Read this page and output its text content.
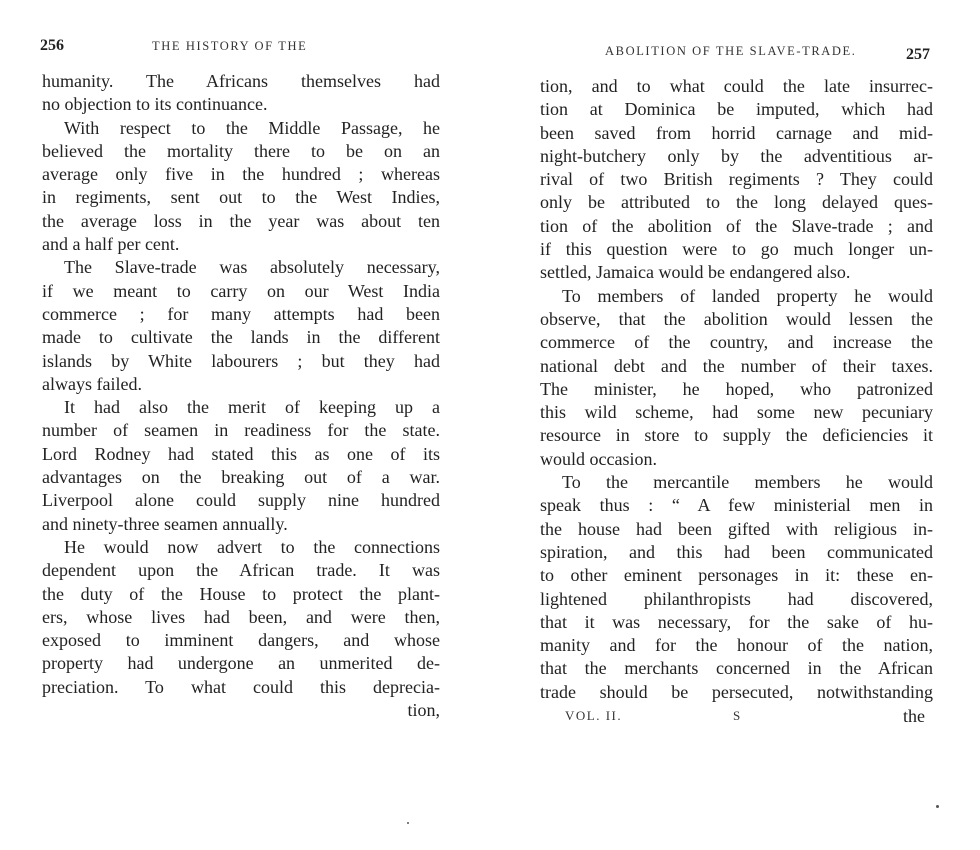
256	THE HISTORY OF THE
humanity. The Africans themselves had
no objection to its continuance.
With respect to the Middle Passage, he
believed the mortality there to be on an
average only five in the hundred ; whereas
in regiments, sent out to the West Indies,
the average loss in the year was about ten
and a half per cent.
The Slave-trade was absolutely necessary,
if we meant to carry on our West India
commerce ; for many attempts had been
made to cultivate the lands in the different
islands by White labourers ; but they had
always failed.
It had also the merit of keeping up a
number of seamen in readiness for the state.
Lord Rodney had stated this as one of its
advantages on the breaking out of a war.
Liverpool alone could supply nine hundred
and ninety-three seamen annually.
He would now advert to the connections
dependent upon the African trade. It was
the duty of the House to protect the plant-
ers, whose lives had been, and were then,
exposed to imminent dangers, and whose
property had undergone an unmerited de-
preciation. To what could this deprecia-
tion,
ABOLITION OF THE SLAVE-TRADE.	257
tion, and to what could the late insurrec-
tion at Dominica be imputed, which had
been saved from horrid carnage and mid-
night-butchery only by the adventitious ar-
rival of two British regiments ? They could
only be attributed to the long delayed ques-
tion of the abolition of the Slave-trade ; and
if this question were to go much longer un-
settled, Jamaica would be endangered also.
To members of landed property he would
observe, that the abolition would lessen the
commerce of the country, and increase the
national debt and the number of their taxes.
The minister, he hoped, who patronized
this wild scheme, had some new pecuniary
resource in store to supply the deficiencies it
would occasion.
To the mercantile members he would
speak thus : “ A few ministerial men in
the house had been gifted with religious in-
spiration, and this had been communicated
to other eminent personages in it: these en-
lightened philanthropists had discovered,
that it was necessary, for the sake of hu-
manity and for the honour of the nation,
that the merchants concerned in the African
trade should be persecuted, notwithstanding
VOL. II.	S	the
